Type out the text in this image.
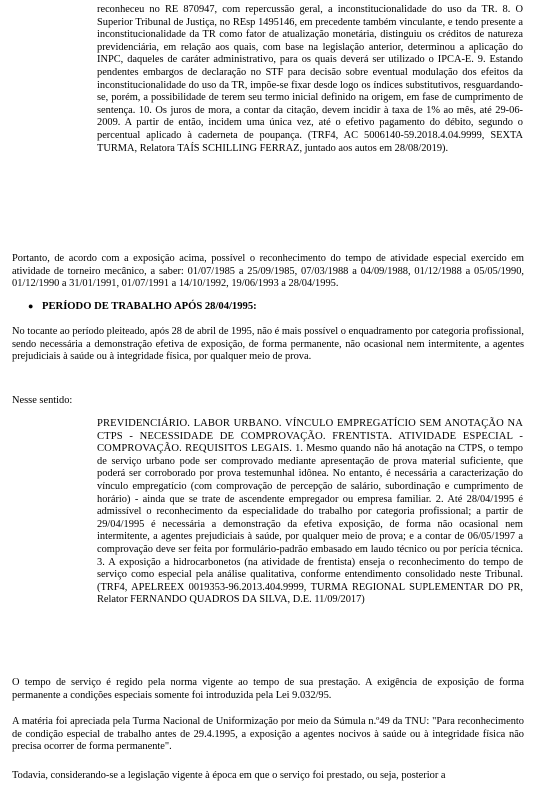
reconheceu no RE 870947, com repercussão geral, a inconstitucionalidade do uso da TR. 8. O Superior Tribunal de Justiça, no REsp 1495146, em precedente também vinculante, e tendo presente a inconstitucionalidade da TR como fator de atualização monetária, distinguiu os créditos de natureza previdenciária, em relação aos quais, com base na legislação anterior, determinou a aplicação do INPC, daqueles de caráter administrativo, para os quais deverá ser utilizado o IPCA-E. 9. Estando pendentes embargos de declaração no STF para decisão sobre eventual modulação dos efeitos da inconstitucionalidade do uso da TR, impõe-se fixar desde logo os índices substitutivos, resguardando-se, porém, a possibilidade de terem seu termo inicial definido na origem, em fase de cumprimento de sentença. 10. Os juros de mora, a contar da citação, devem incidir à taxa de 1% ao mês, até 29-06-2009. A partir de então, incidem uma única vez, até o efetivo pagamento do débito, segundo o percentual aplicado à caderneta de poupança. (TRF4, AC 5006140-59.2018.4.04.9999, SEXTA TURMA, Relatora TAÍS SCHILLING FERRAZ, juntado aos autos em 28/08/2019).
Portanto, de acordo com a exposição acima, possível o reconhecimento do tempo de atividade especial exercido em atividade de torneiro mecânico, a saber: 01/07/1985 a 25/09/1985, 07/03/1988 a 04/09/1988, 01/12/1988 a 05/05/1990, 01/12/1990 a 31/01/1991, 01/07/1991 a 14/10/1992, 19/06/1993 a 28/04/1995.
● PERÍODO DE TRABALHO APÓS 28/04/1995:
No tocante ao período pleiteado, após 28 de abril de 1995, não é mais possível o enquadramento por categoria profissional, sendo necessária a demonstração efetiva de exposição, de forma permanente, não ocasional nem intermitente, a agentes prejudiciais à saúde ou à integridade física, por qualquer meio de prova.
Nesse sentido:
PREVIDENCIÁRIO. LABOR URBANO. VÍNCULO EMPREGATÍCIO SEM ANOTAÇÃO NA CTPS - NECESSIDADE DE COMPROVAÇÃO. FRENTISTA. ATIVIDADE ESPECIAL - COMPROVAÇÃO. REQUISITOS LEGAIS. 1. Mesmo quando não há anotação na CTPS, o tempo de serviço urbano pode ser comprovado mediante apresentação de prova material suficiente, que poderá ser corroborado por prova testemunhal idônea. No entanto, é necessária a caracterização do vínculo empregatício (com comprovação de percepção de salário, subordinação e cumprimento de horário) - ainda que se trate de ascendente empregador ou empresa familiar. 2. Até 28/04/1995 é admissível o reconhecimento da especialidade do trabalho por categoria profissional; a partir de 29/04/1995 é necessária a demonstração da efetiva exposição, de forma não ocasional nem intermitente, a agentes prejudiciais à saúde, por qualquer meio de prova; e a contar de 06/05/1997 a comprovação deve ser feita por formulário-padrão embasado em laudo técnico ou por perícia técnica. 3. A exposição a hidrocarbonetos (na atividade de frentista) enseja o reconhecimento do tempo de serviço como especial pela análise qualitativa, conforme entendimento consolidado neste Tribunal. (TRF4, APELREEX 0019353-96.2013.404.9999, TURMA REGIONAL SUPLEMENTAR DO PR, Relator FERNANDO QUADROS DA SILVA, D.E. 11/09/2017)
O tempo de serviço é regido pela norma vigente ao tempo de sua prestação. A exigência de exposição de forma permanente a condições especiais somente foi introduzida pela Lei 9.032/95.
A matéria foi apreciada pela Turma Nacional de Uniformização por meio da Súmula n.º49 da TNU: "Para reconhecimento de condição especial de trabalho antes de 29.4.1995, a exposição a agentes nocivos à saúde ou à integridade física não precisa ocorrer de forma permanente".
Todavia, considerando-se a legislação vigente à época em que o serviço foi prestado, ou seja, posterior a
